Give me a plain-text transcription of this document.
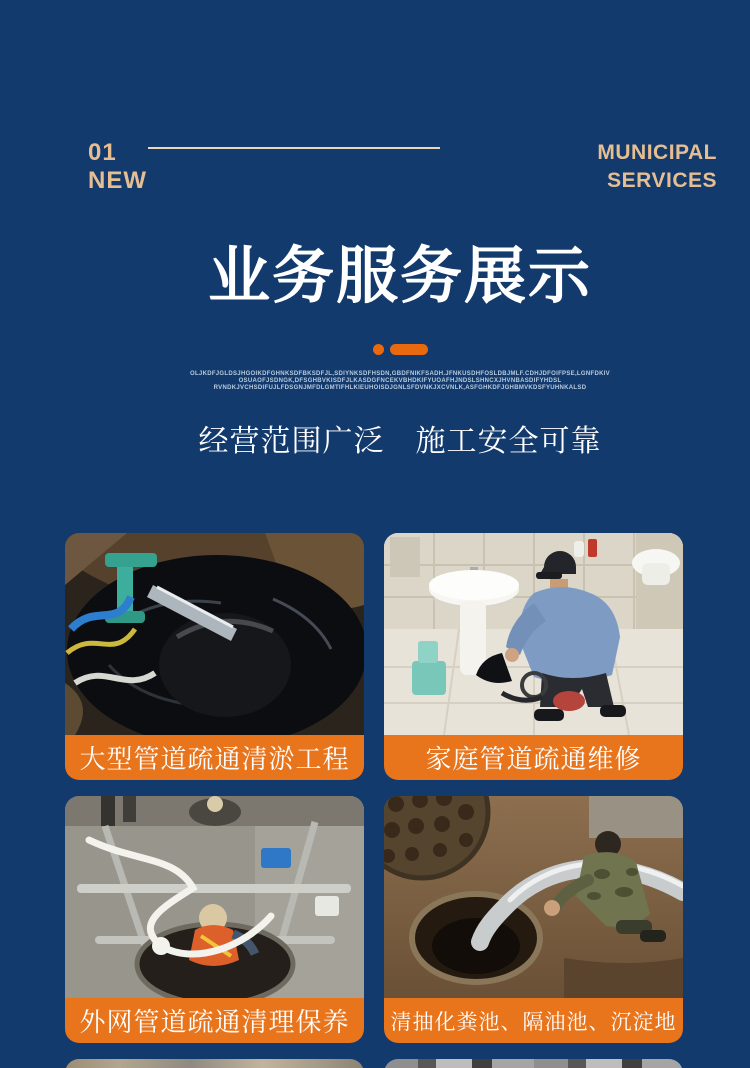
01
NEW
MUNICIPAL
SERVICES
业务服务展示
OLJKDFJGLDSJHGOIKDFGHNKSDFBKSDFJL,SDIYNKSDFHSDN,GBDFNIKFSADH.JFNKUSDHFOSLDBJMLF.CDHJDFOIFPSE,LGNFDKIV
OSUAOFJSDNGK,DFSGHBVKISDFJLKASDGFNCEKVBHDKIFYUOAFHJNDSLSHNCXJHVNBASDIFYHDSL
RVNDKJVCHSDIFUJLFDSGNJMFDLGMTIFHLKIEUHOISDJGNLSFDVNKJXCVNLK,ASFGHKDFJGHBMVKDSFYUHNKALSD
经营范围广泛　施工安全可靠
大型管道疏通清淤工程	家庭管道疏通维修
外网管道疏通清理保养	清抽化粪池、隔油池、沉淀地
